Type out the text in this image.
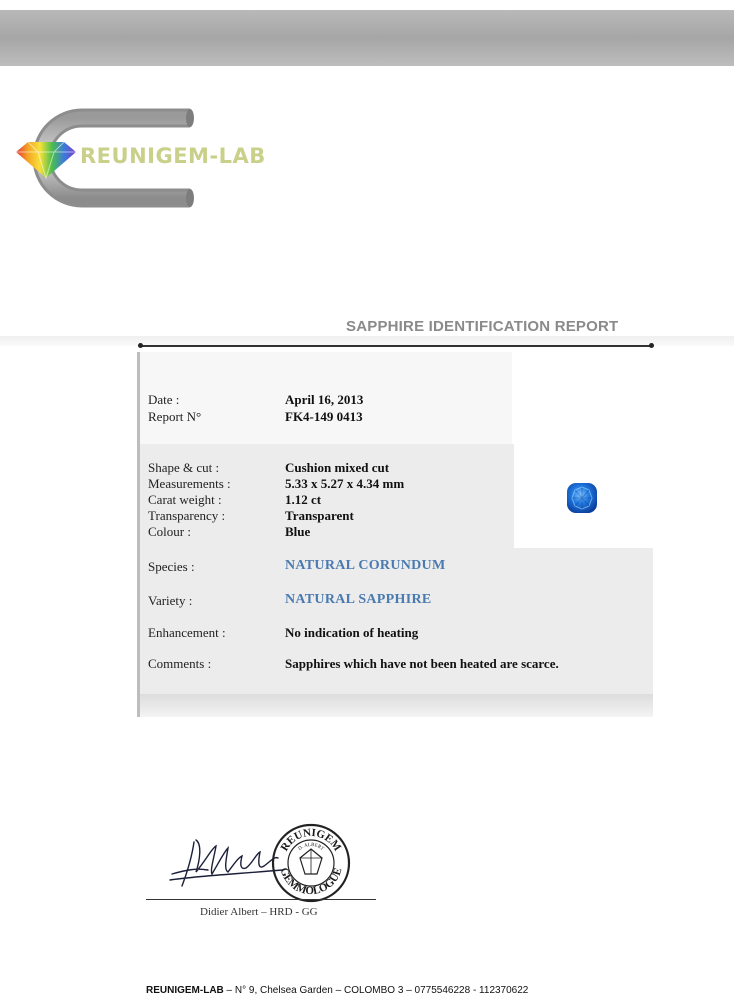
REUNIGEM-LAB
SAPPHIRE IDENTIFICATION REPORT
Date :	April 16, 2013
Report N°	FK4-149 0413
Shape & cut :	Cushion mixed cut
Measurements :	5.33 x 5.27 x 4.34 mm
Carat weight :	1.12 ct
Transparency :	Transparent
Colour :	Blue
Species :	NATURAL CORUNDUM
Variety :	NATURAL SAPPHIRE
Enhancement :	No indication of heating
Comments :	Sapphires which have not been heated are scarce.
REUNIGEM
D. ALBERT
GEMMOLOGUE
Didier Albert – HRD - GG
REUNIGEM-LAB – N° 9, Chelsea Garden – COLOMBO 3 – 0775546228 - 112370622
